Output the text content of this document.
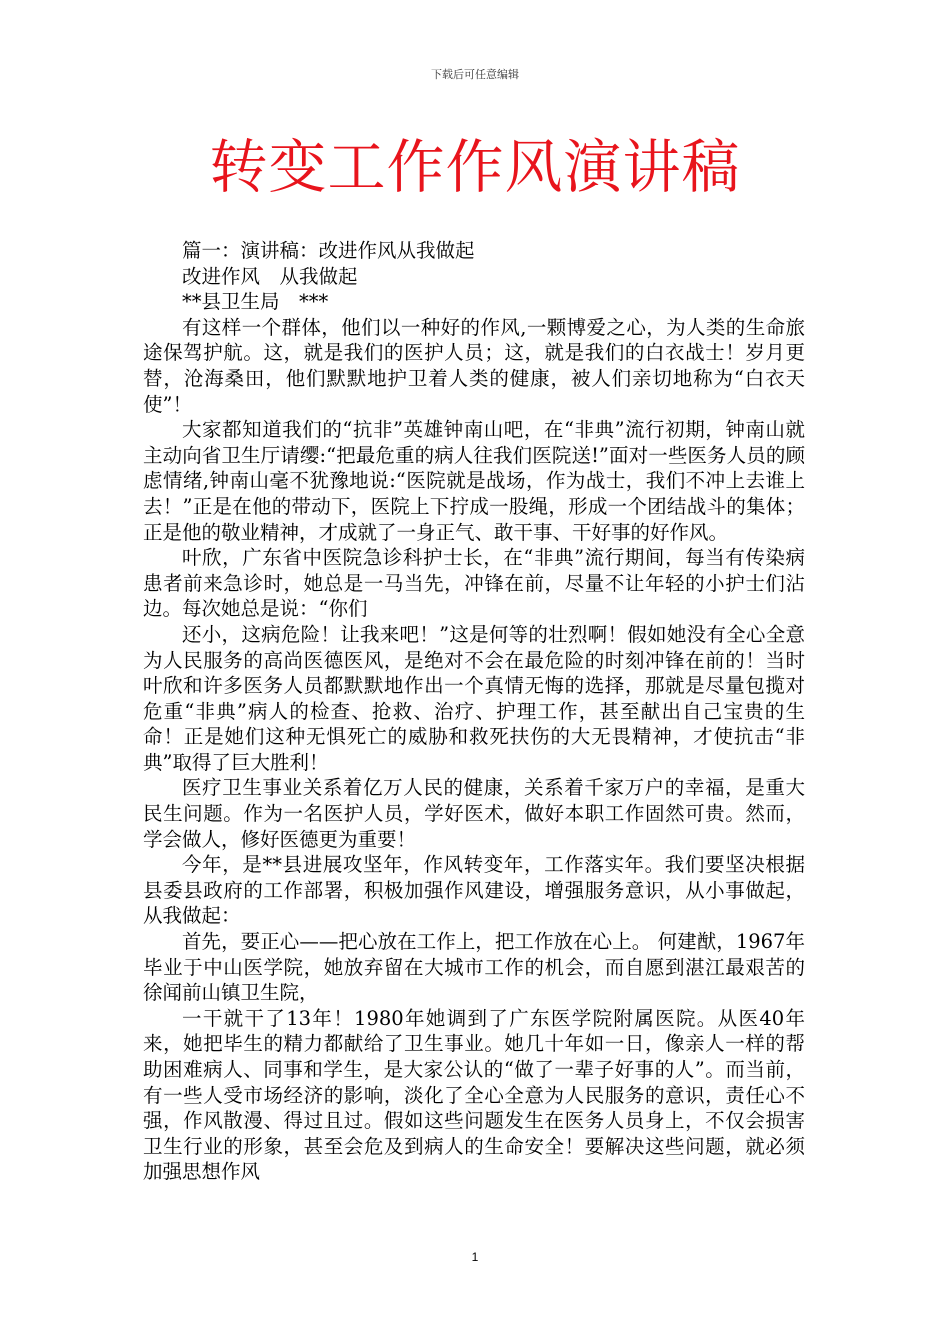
下载后可任意编辑
转变工作作风演讲稿

篇一：演讲稿：改进作风从我做起

改进作风　从我做起

**县卫生局　***

有这样一个群体，他们以一种好的作风,一颗博爱之心，为人类的生命旅途保驾护航。这，就是我们的医护人员；这，就是我们的白衣战士！岁月更替，沧海桑田，他们默默地护卫着人类的健康，被人们亲切地称为“白衣天使”！

大家都知道我们的“抗非”英雄钟南山吧，在“非典”流行初期，钟南山就主动向省卫生厅请缨:“把最危重的病人往我们医院送!”面对一些医务人员的顾虑情绪,钟南山毫不犹豫地说:“医院就是战场，作为战士，我们不冲上去谁上去！”正是在他的带动下，医院上下拧成一股绳，形成一个团结战斗的集体；正是他的敬业精神，才成就了一身正气、敢干事、干好事的好作风。

叶欣，广东省中医院急诊科护士长，在“非典”流行期间，每当有传染病患者前来急诊时，她总是一马当先，冲锋在前，尽量不让年轻的小护士们沾边。每次她总是说：“你们

还小，这病危险！让我来吧！”这是何等的壮烈啊！假如她没有全心全意为人民服务的高尚医德医风，是绝对不会在最危险的时刻冲锋在前的！当时叶欣和许多医务人员都默默地作出一个真情无悔的选择，那就是尽量包揽对危重“非典”病人的检查、抢救、治疗、护理工作，甚至献出自己宝贵的生命！正是她们这种无惧死亡的威胁和救死扶伤的大无畏精神，才使抗击“非典”取得了巨大胜利！

医疗卫生事业关系着亿万人民的健康，关系着千家万户的幸福，是重大民生问题。作为一名医护人员，学好医术，做好本职工作固然可贵。然而，学会做人，修好医德更为重要！

今年，是**县进展攻坚年，作风转变年，工作落实年。我们要坚决根据县委县政府的工作部署，积极加强作风建设，增强服务意识，从小事做起，从我做起：

首先，要正心——把心放在工作上，把工作放在心上。 何建猷，1967年毕业于中山医学院，她放弃留在大城市工作的机会，而自愿到湛江最艰苦的徐闻前山镇卫生院，

一干就干了13年！1980年她调到了广东医学院附属医院。从医40年来，她把毕生的精力都献给了卫生事业。她几十年如一日，像亲人一样的帮助困难病人、同事和学生，是大家公认的“做了一辈子好事的人”。而当前，有一些人受市场经济的影响，淡化了全心全意为人民服务的意识，责任心不强，作风散漫、得过且过。假如这些问题发生在医务人员身上，不仅会损害卫生行业的形象，甚至会危及到病人的生命安全！要解决这些问题，就必须加强思想作风

1
